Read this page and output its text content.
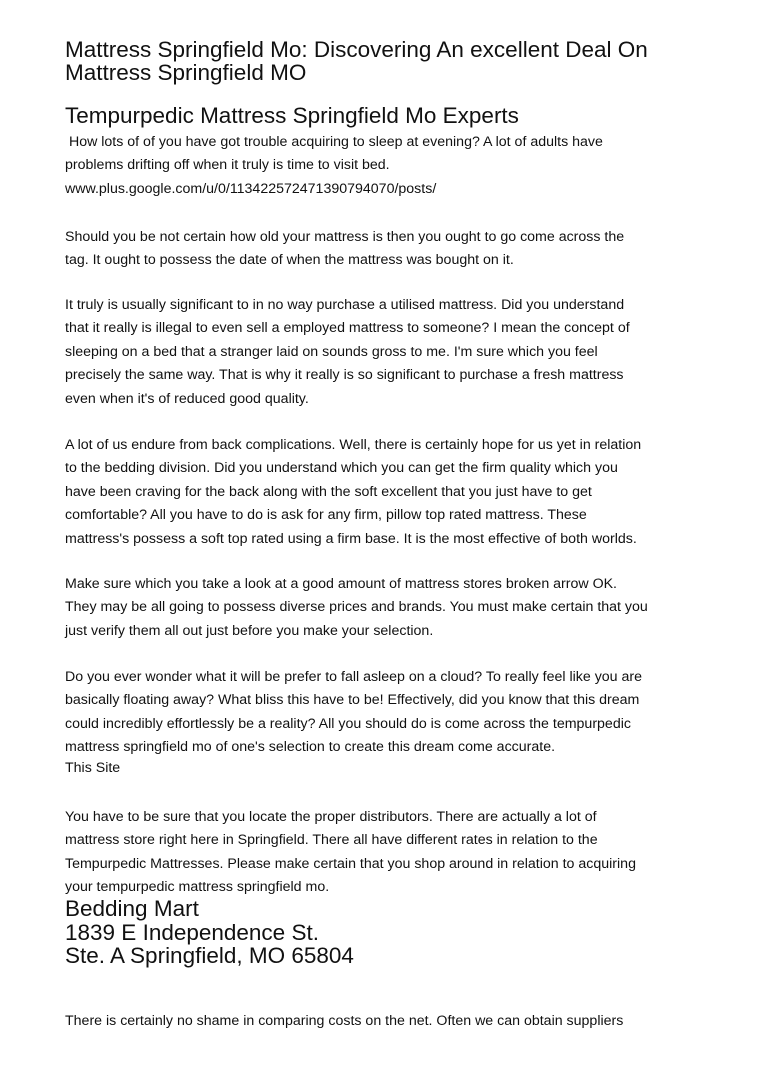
Mattress Springfield Mo: Discovering An excellent Deal On
Mattress Springfield MO
Tempurpedic Mattress Springfield Mo Experts

How lots of of you have got trouble acquiring to sleep at evening? A lot of adults have
problems drifting off when it truly is time to visit bed.
www.plus.google.com/u/0/113422572471390794070/posts/

Should you be not certain how old your mattress is then you ought to go come across the
tag. It ought to possess the date of when the mattress was bought on it.

It truly is usually significant to in no way purchase a utilised mattress. Did you understand
that it really is illegal to even sell a employed mattress to someone? I mean the concept of
sleeping on a bed that a stranger laid on sounds gross to me. I'm sure which you feel
precisely the same way. That is why it really is so significant to purchase a fresh mattress
even when it's of reduced good quality.

A lot of us endure from back complications. Well, there is certainly hope for us yet in relation
to the bedding division. Did you understand which you can get the firm quality which you
have been craving for the back along with the soft excellent that you just have to get
comfortable? All you have to do is ask for any firm, pillow top rated mattress. These
mattress's possess a soft top rated using a firm base. It is the most effective of both worlds.

Make sure which you take a look at a good amount of mattress stores broken arrow OK.
They may be all going to possess diverse prices and brands. You must make certain that you
just verify them all out just before you make your selection.

Do you ever wonder what it will be prefer to fall asleep on a cloud? To really feel like you are
basically floating away? What bliss this have to be! Effectively, did you know that this dream
could incredibly effortlessly be a reality? All you should do is come across the tempurpedic
mattress springfield mo of one's selection to create this dream come accurate.
This Site

You have to be sure that you locate the proper distributors. There are actually a lot of
mattress store right here in Springfield. There all have different rates in relation to the
Tempurpedic Mattresses. Please make certain that you shop around in relation to acquiring
your tempurpedic mattress springfield mo.

Bedding Mart
1839 E Independence St.
Ste. A Springfield, MO 65804

There is certainly no shame in comparing costs on the net. Often we can obtain suppliers
